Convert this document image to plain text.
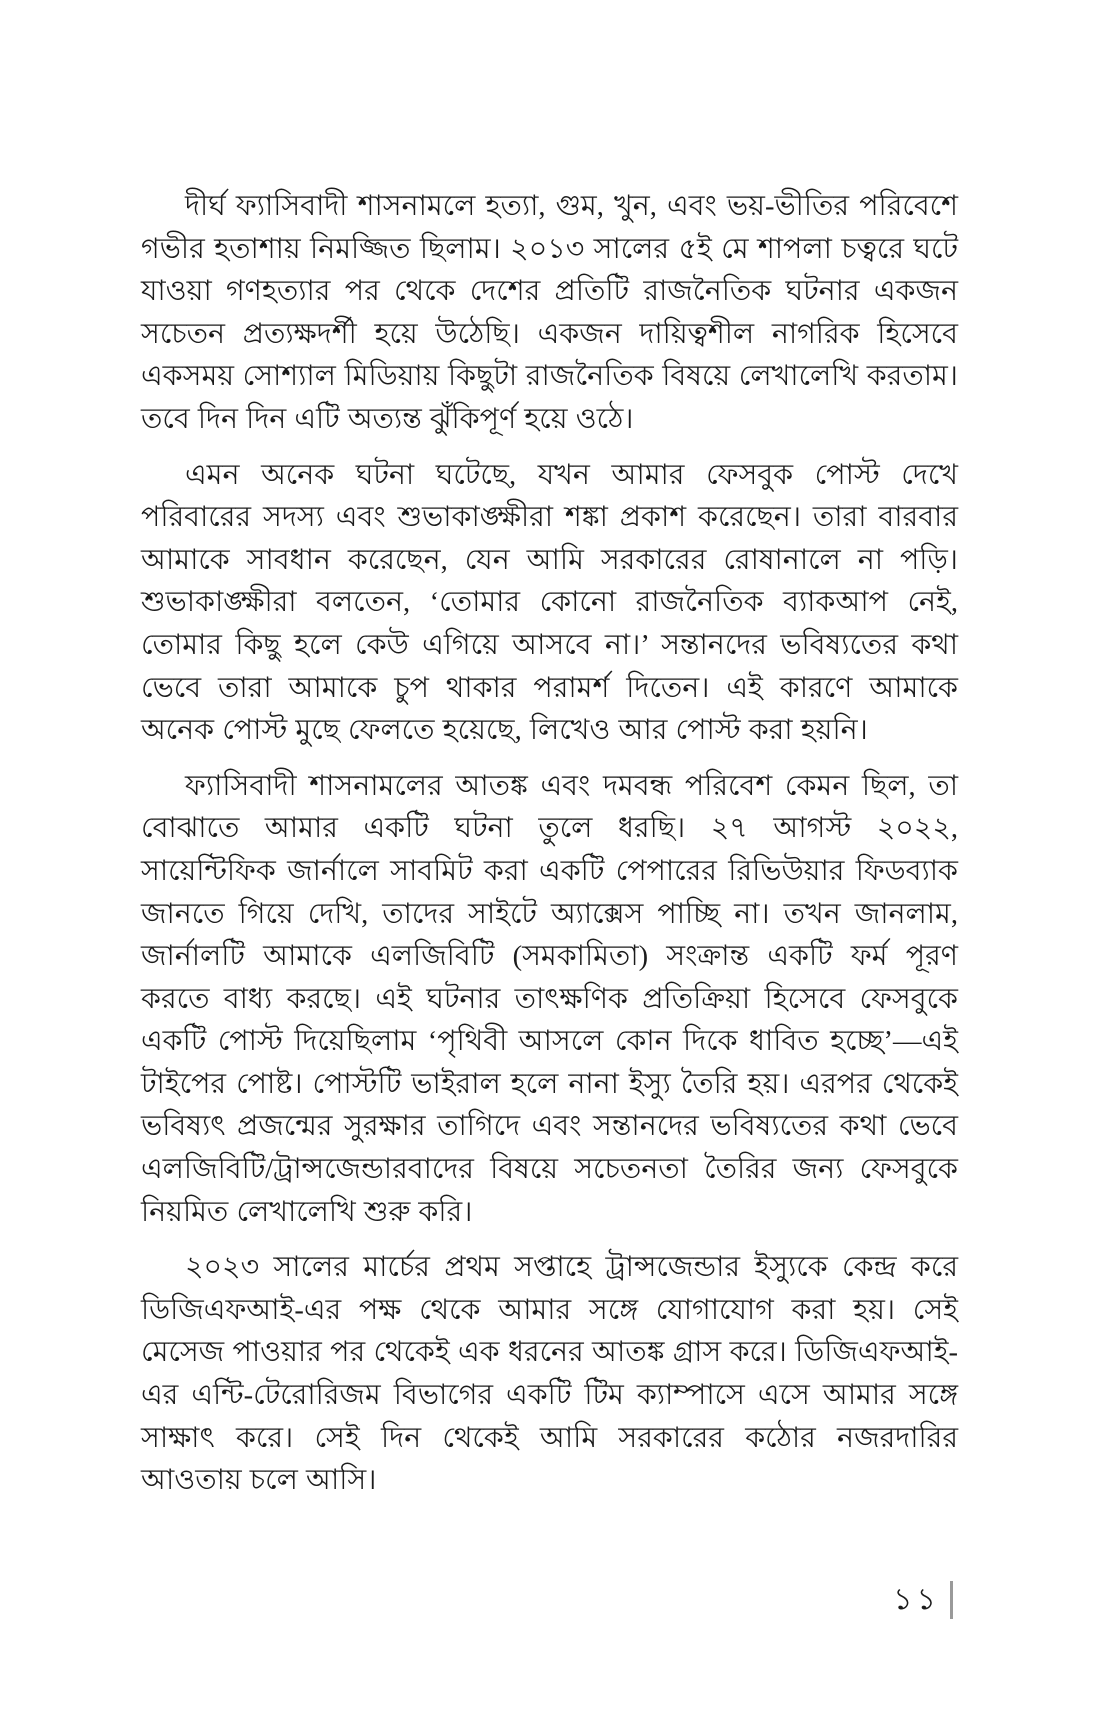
দীর্ঘ ফ্যাসিবাদী শাসনামলে হত্যা, গুম, খুন, এবং ভয়-ভীতির পরিবেশে গভীর হতাশায় নিমজ্জিত ছিলাম। ২০১৩ সালের ৫ই মে শাপলা চত্বরে ঘটে যাওয়া গণহত্যার পর থেকে দেশের প্রতিটি রাজনৈতিক ঘটনার একজন সচেতন প্রত্যক্ষদর্শী হয়ে উঠেছি। একজন দায়িত্বশীল নাগরিক হিসেবে একসময় সোশ্যাল মিডিয়ায় কিছুটা রাজনৈতিক বিষয়ে লেখালেখি করতাম। তবে দিন দিন এটি অত্যন্ত ঝুঁকিপূর্ণ হয়ে ওঠে।

এমন অনেক ঘটনা ঘটেছে, যখন আমার ফেসবুক পোস্ট দেখে পরিবারের সদস্য এবং শুভাকাঙ্ক্ষীরা শঙ্কা প্রকাশ করেছেন। তারা বারবার আমাকে সাবধান করেছেন, যেন আমি সরকারের রোষানালে না পড়ি। শুভাকাঙ্ক্ষীরা বলতেন, ‘তোমার কোনো রাজনৈতিক ব্যাকআপ নেই, তোমার কিছু হলে কেউ এগিয়ে আসবে না।’ সন্তানদের ভবিষ্যতের কথা ভেবে তারা আমাকে চুপ থাকার পরামর্শ দিতেন। এই কারণে আমাকে অনেক পোস্ট মুছে ফেলতে হয়েছে, লিখেও আর পোস্ট করা হয়নি।

ফ্যাসিবাদী শাসনামলের আতঙ্ক এবং দমবন্ধ পরিবেশ কেমন ছিল, তা বোঝাতে আমার একটি ঘটনা তুলে ধরছি। ২৭ আগস্ট ২০২২, সায়েন্টিফিক জার্নালে সাবমিট করা একটি পেপারের রিভিউয়ার ফিডব্যাক জানতে গিয়ে দেখি, তাদের সাইটে অ্যাক্সেস পাচ্ছি না। তখন জানলাম, জার্নালটি আমাকে এলজিবিটি (সমকামিতা) সংক্রান্ত একটি ফর্ম পূরণ করতে বাধ্য করছে। এই ঘটনার তাৎক্ষণিক প্রতিক্রিয়া হিসেবে ফেসবুকে একটি পোস্ট দিয়েছিলাম ‘পৃথিবী আসলে কোন দিকে ধাবিত হচ্ছে’—এই টাইপের পোষ্ট। পোস্টটি ভাইরাল হলে নানা ইস্যু তৈরি হয়। এরপর থেকেই ভবিষ্যৎ প্রজন্মের সুরক্ষার তাগিদে এবং সন্তানদের ভবিষ্যতের কথা ভেবে এলজিবিটি/ট্রান্সজেন্ডারবাদের বিষয়ে সচেতনতা তৈরির জন্য ফেসবুকে নিয়মিত লেখালেখি শুরু করি।

২০২৩ সালের মার্চের প্রথম সপ্তাহে ট্রান্সজেন্ডার ইস্যুকে কেন্দ্র করে ডিজিএফআই-এর পক্ষ থেকে আমার সঙ্গে যোগাযোগ করা হয়। সেই মেসেজ পাওয়ার পর থেকেই এক ধরনের আতঙ্ক গ্রাস করে। ডিজিএফআই-এর এন্টি-টেরোরিজম বিভাগের একটি টিম ক্যাম্পাসে এসে আমার সঙ্গে সাক্ষাৎ করে। সেই দিন থেকেই আমি সরকারের কঠোর নজরদারির আওতায় চলে আসি।

১১
